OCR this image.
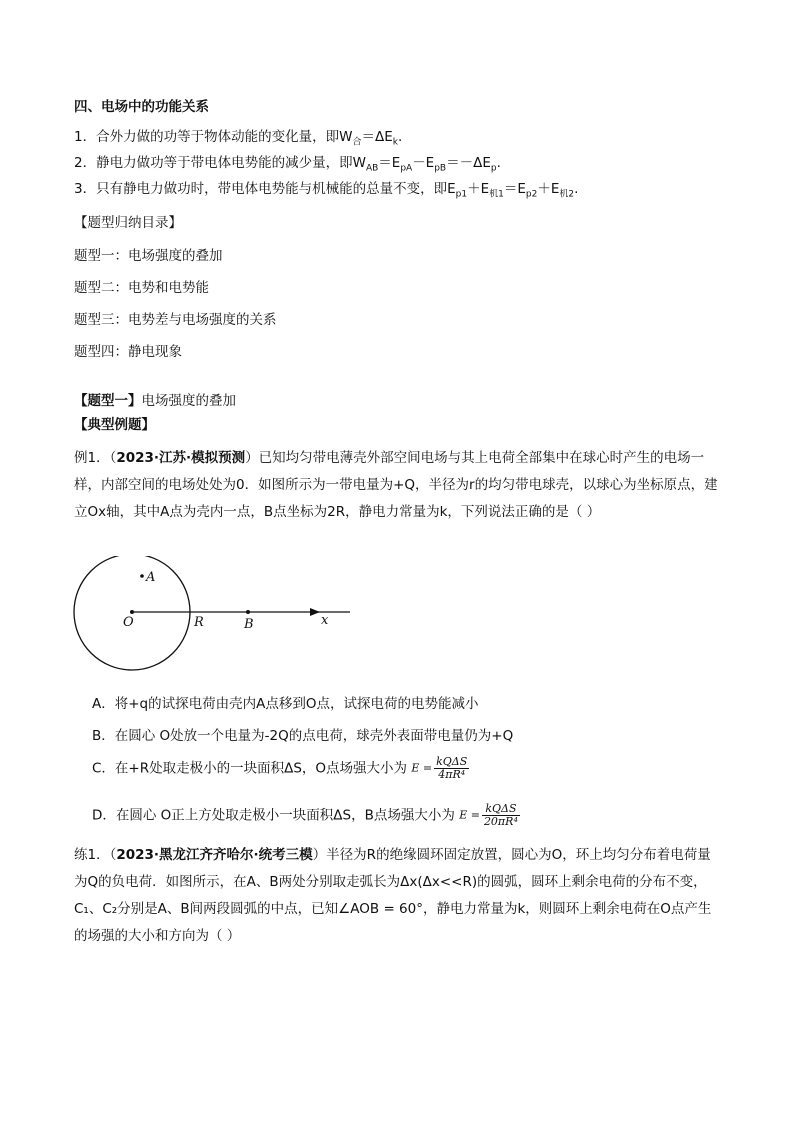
四、电场中的功能关系
1．合外力做的功等于物体动能的变化量，即$W_合=\Delta E_k$.
2．静电力做功等于带电体电势能的减少量，即$W_{AB}=E_{pA}-E_{pB}=-\Delta E_p$.
3．只有静电力做功时，带电体电势能与机械能的总量不变，即$E_{p1}+E_{机1}=E_{p2}+E_{机2}$.
【题型归纳目录】
题型一：电场强度的叠加
题型二：电势和电势能
题型三：电势差与电场强度的关系
题型四：静电现象
【题型一】电场强度的叠加
【典型例题】
例1．（2023·江苏·模拟预测）已知均匀带电薄壳外部空间电场与其上电荷全部集中在球心时产生的电场一样，内部空间的电场处处为0．如图所示为一带电量为+Q，半径为r的均匀带电球壳，以球心为坐标原点，建立Ox轴，其中A点为壳内一点，B点坐标为2R，静电力常量为k，下列说法正确的是（ ）
A
O	R	B	x
A．将+q的试探电荷由壳内A点移到O点，试探电荷的电势能减小
B．在圆心 O处放一个电量为-2Q的点电荷，球壳外表面带电量仍为+Q
C．在+R处取走极小的一块面积ΔS，O点场强大小为 $E = \frac{\text{kQΔS}}{\text{4πR⁴}}$
D．在圆心 O正上方处取走极小一块面积ΔS，B点场强大小为 $E = \frac{\text{kQΔS}}{\text{20πR⁴}}$
练1．（2023·黑龙江齐齐哈尔·统考三模）半径为R的绝缘圆环固定放置，圆心为O，环上均匀分布着电荷量为Q的负电荷．如图所示，在A、B两处分别取走弧长为Δx(Δx<<R)的圆弧，圆环上剩余电荷的分布不变，C₁、C₂分别是A、B间两段圆弧的中点，已知∠AOB = 60°，静电力常量为k，则圆环上剩余电荷在O点产生的场强的大小和方向为（ ）
